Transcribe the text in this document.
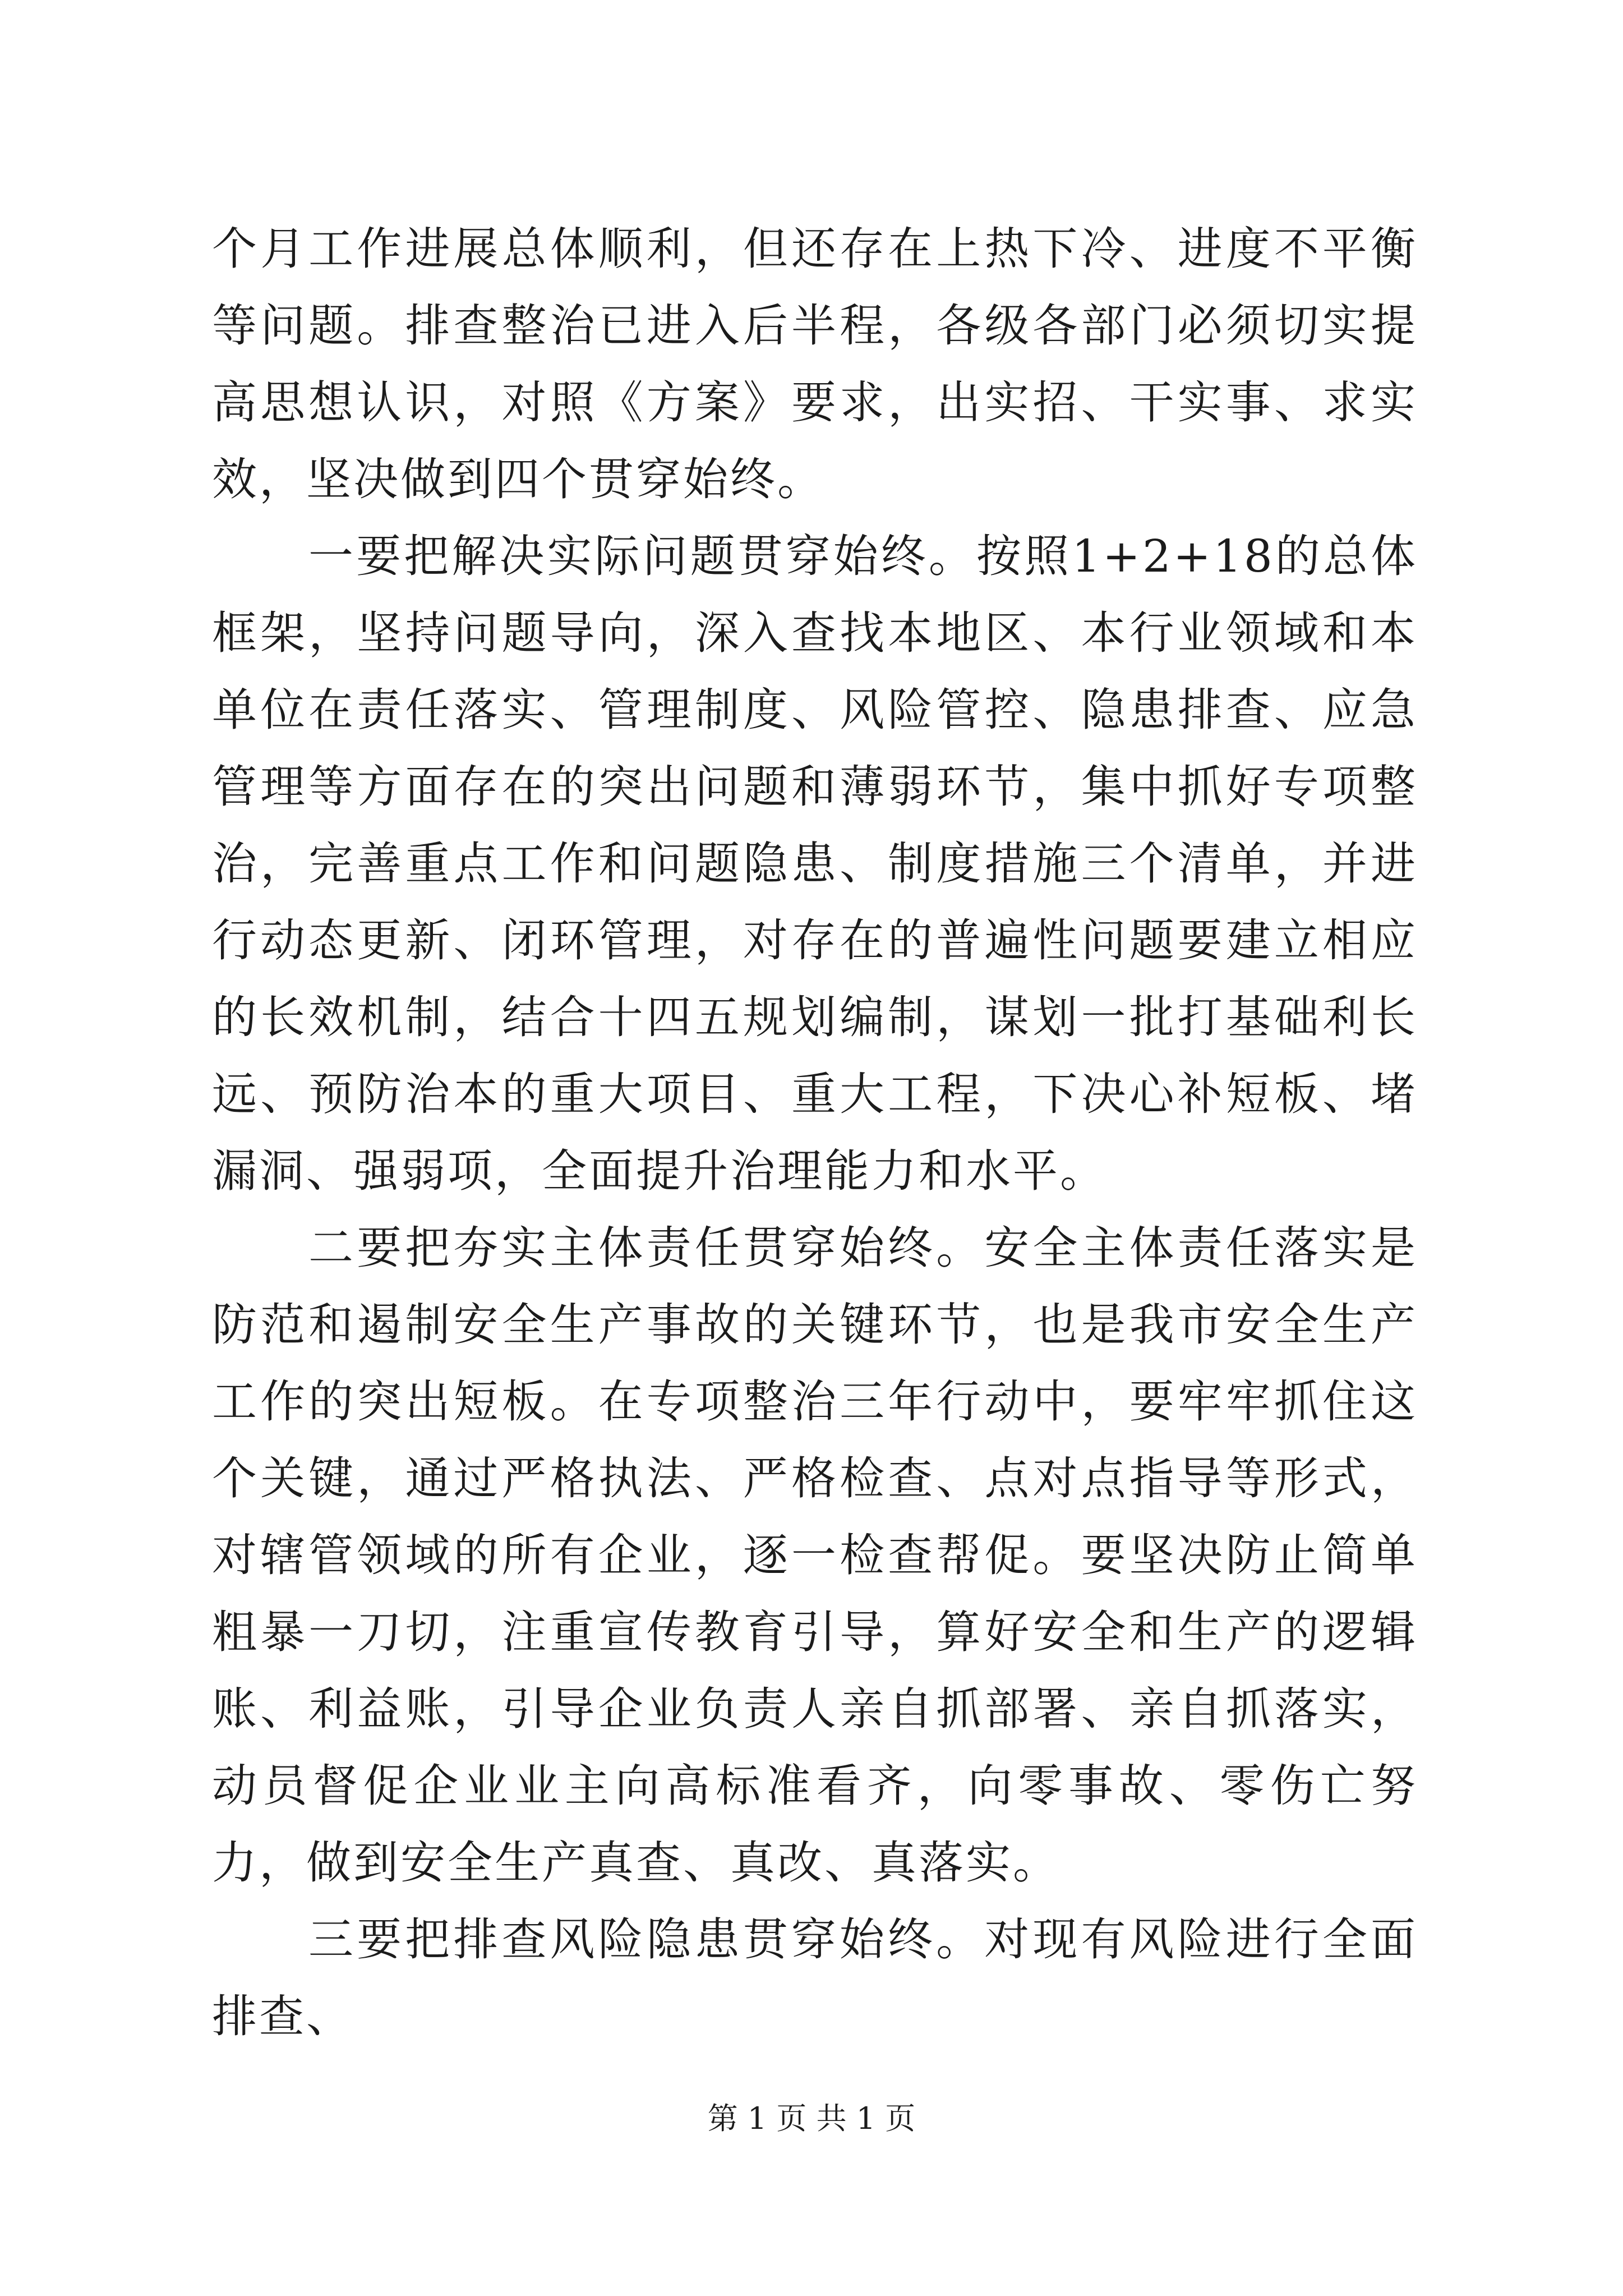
个月工作进展总体顺利，但还存在上热下冷、进度不平衡等问题。排查整治已进入后半程，各级各部门必须切实提高思想认识，对照《方案》要求，出实招、干实事、求实效，坚决做到四个贯穿始终。

一要把解决实际问题贯穿始终。按照1+2+18的总体框架，坚持问题导向，深入查找本地区、本行业领域和本单位在责任落实、管理制度、风险管控、隐患排查、应急管理等方面存在的突出问题和薄弱环节，集中抓好专项整治，完善重点工作和问题隐患、制度措施三个清单，并进行动态更新、闭环管理，对存在的普遍性问题要建立相应的长效机制，结合十四五规划编制，谋划一批打基础利长远、预防治本的重大项目、重大工程，下决心补短板、堵漏洞、强弱项，全面提升治理能力和水平。

二要把夯实主体责任贯穿始终。安全主体责任落实是防范和遏制安全生产事故的关键环节，也是我市安全生产工作的突出短板。在专项整治三年行动中，要牢牢抓住这个关键，通过严格执法、严格检查、点对点指导等形式，对辖管领域的所有企业，逐一检查帮促。要坚决防止简单粗暴一刀切，注重宣传教育引导，算好安全和生产的逻辑账、利益账，引导企业负责人亲自抓部署、亲自抓落实，动员督促企业业主向高标准看齐，向零事故、零伤亡努力，做到安全生产真查、真改、真落实。

三要把排查风险隐患贯穿始终。对现有风险进行全面排查、

第 1 页 共 1 页
